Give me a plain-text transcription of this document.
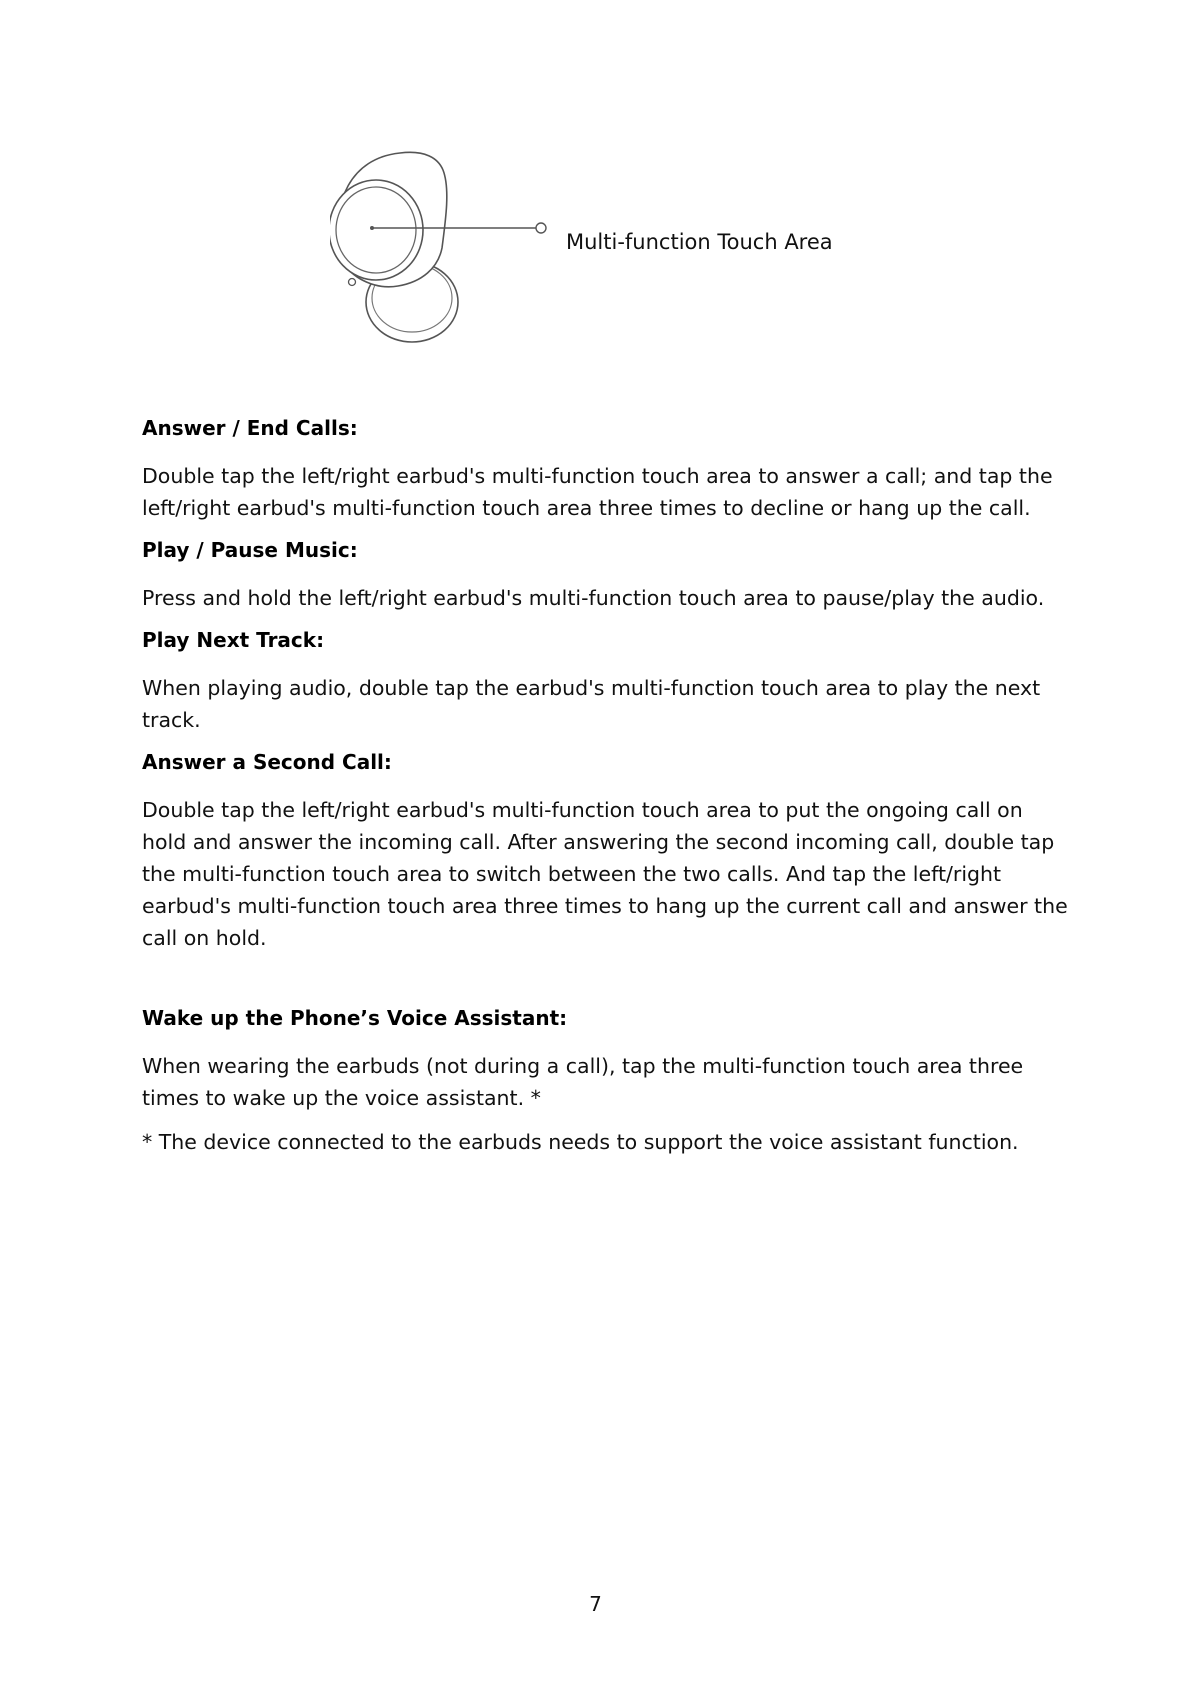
Multi-function Touch Area
Answer / End Calls:

Double tap the left/right earbud's multi-function touch area to answer a call; and tap the left/right earbud's multi-function touch area three times to decline or hang up the call.

Play / Pause Music:

Press and hold the left/right earbud's multi-function touch area to pause/play the audio.

Play Next Track:

When playing audio, double tap the earbud's multi-function touch area to play the next track.

Answer a Second Call:

Double tap the left/right earbud's multi-function touch area to put the ongoing call on hold and answer the incoming call. After answering the second incoming call, double tap the multi-function touch area to switch between the two calls. And tap the left/right earbud's multi-function touch area three times to hang up the current call and answer the call on hold.

Wake up the Phone’s Voice Assistant:

When wearing the earbuds (not during a call), tap the multi-function touch area three times to wake up the voice assistant. *

* The device connected to the earbuds needs to support the voice assistant function.

7
